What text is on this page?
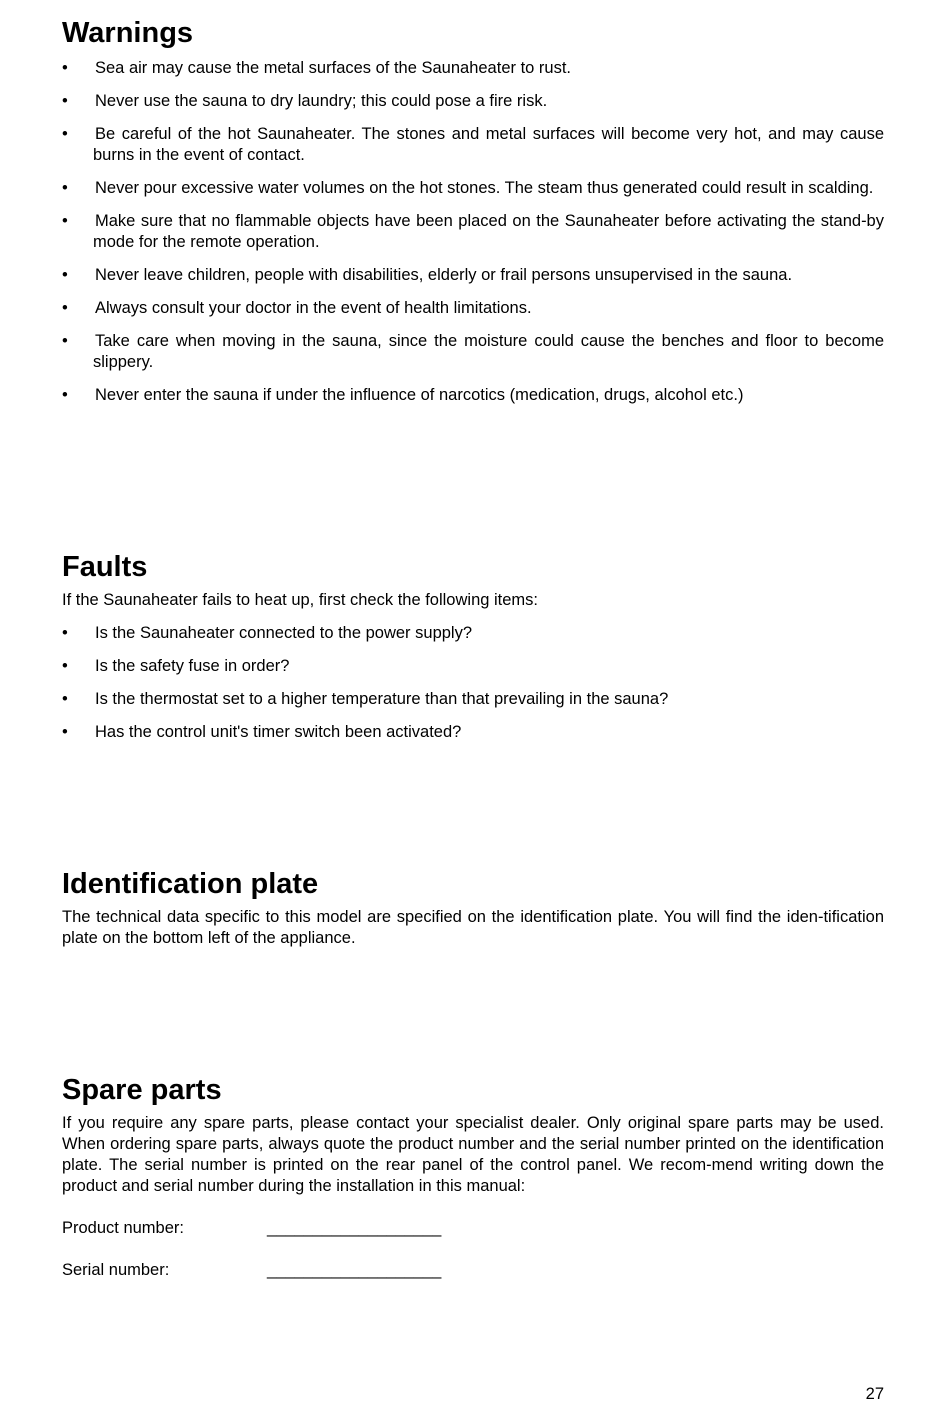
Warnings
• Sea air may cause the metal surfaces of the Saunaheater to rust.
• Never use the sauna to dry laundry; this could pose a fire risk.
• Be careful of the hot Saunaheater. The stones and metal surfaces will become very hot, and may cause burns in the event of contact.
• Never pour excessive water volumes on the hot stones. The steam thus generated could result in scalding.
• Make sure that no flammable objects have been placed on the Saunaheater before activating the stand-by mode for the remote operation.
• Never leave children, people with disabilities, elderly or frail persons unsupervised in the sauna.
• Always consult your doctor in the event of health limitations.
• Take care when moving in the sauna, since the moisture could cause the benches and floor to become slippery.
• Never enter the sauna if under the influence of narcotics (medication, drugs, alcohol etc.)
Faults

If the Saunaheater fails to heat up, first check the following items:

• Is the Saunaheater connected to the power supply?
• Is the safety fuse in order?
• Is the thermostat set to a higher temperature than that prevailing in the sauna?
• Has the control unit's timer switch been activated?
Identification plate

The technical data specific to this model are specified on the identification plate. You will find the iden-tification plate on the bottom left of the appliance.

Spare parts

If you require any spare parts, please contact your specialist dealer. Only original spare parts may be used. When ordering spare parts, always quote the product number and the serial number printed on the identification plate. The serial number is printed on the rear panel of the control panel. We recom-mend writing down the product and serial number during the installation in this manual:

Product number:	___________________
Serial number:	___________________
27
